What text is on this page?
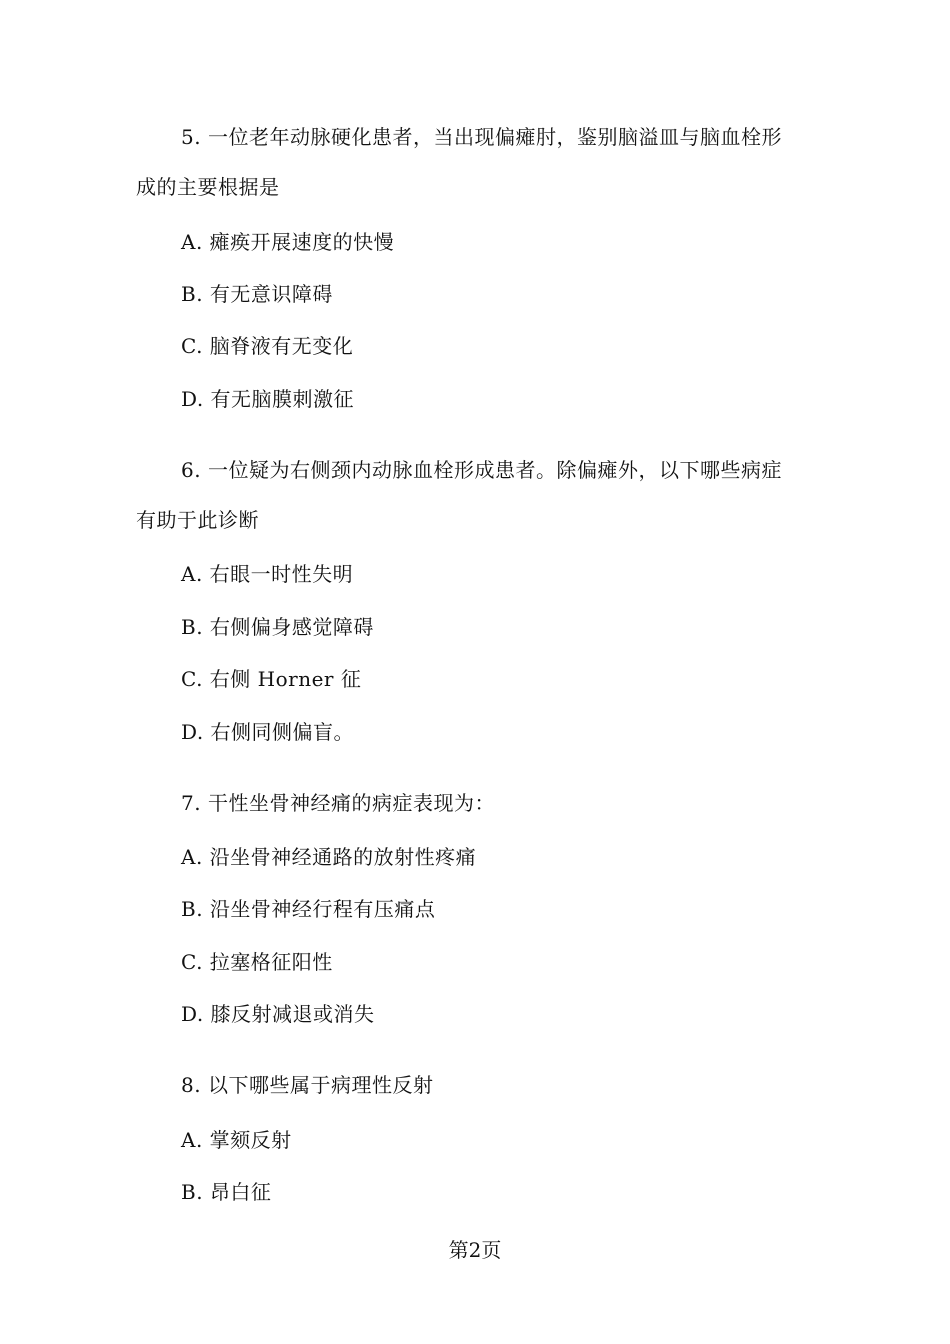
5. 一位老年动脉硬化患者，当出现偏瘫肘，鉴别脑溢皿与脑血栓形
成的主要根据是
A. 瘫痪开展速度的快慢
B. 有无意识障碍
C. 脑脊液有无变化
D. 有无脑膜刺激征
6. 一位疑为右侧颈内动脉血栓形成患者。除偏瘫外，以下哪些病症
有助于此诊断
A. 右眼一时性失明
B. 右侧偏身感觉障碍
C. 右侧 Horner 征
D. 右侧同侧偏盲。
7. 干性坐骨神经痛的病症表现为：
A. 沿坐骨神经通路的放射性疼痛
B. 沿坐骨神经行程有压痛点
C. 拉塞格征阳性
D. 膝反射减退或消失
8. 以下哪些属于病理性反射
A. 掌颏反射
B. 昂白征
第2页
